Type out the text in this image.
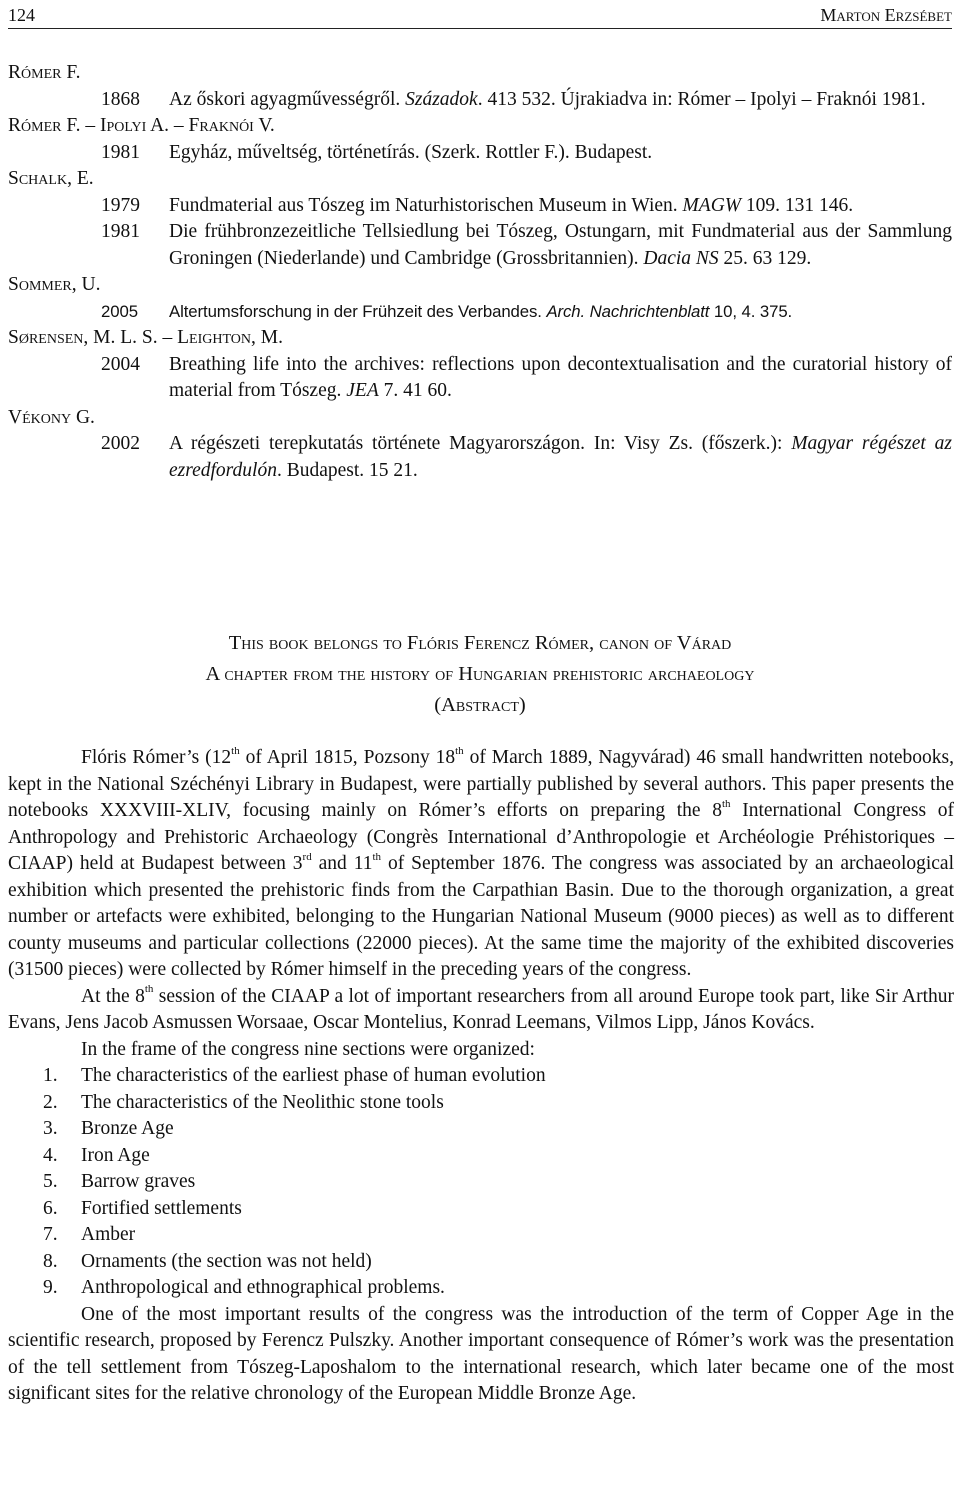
124	Marton Erzsébet
Rómer F.
1868 Az őskori agyagművességről. Századok. 413 532. Újrakiadva in: Rómer – Ipolyi – Fraknói 1981.
Rómer F. – Ipolyi A. – Fraknói V.
1981 Egyház, műveltség, történetírás. (Szerk. Rottler F.). Budapest.
Schalk, E.
1979 Fundmaterial aus Tószeg im Naturhistorischen Museum in Wien. MAGW 109. 131 146.
1981 Die frühbronzezeitliche Tellsiedlung bei Tószeg, Ostungarn, mit Fundmaterial aus der Sammlung Groningen (Niederlande) und Cambridge (Grossbritannien). Dacia NS 25. 63 129.
Sommer, U.
2005 Altertumsforschung in der Frühzeit des Verbandes. Arch. Nachrichtenblatt 10, 4. 375.
Sørensen, M. L. S. – Leighton, M.
2004 Breathing life into the archives: reflections upon decontextualisation and the curatorial history of material from Tószeg. JEA 7. 41 60.
Vékony G.
2002 A régészeti terepkutatás története Magyarországon. In: Visy Zs. (főszerk.): Magyar régészet az ezredfordulón. Budapest. 15 21.
This book belongs to Flóris Ferencz Rómer, canon of Várad
A chapter from the history of Hungarian prehistoric archaeology
(Abstract)

Flóris Rómer’s (12th of April 1815, Pozsony 18th of March 1889, Nagyvárad) 46 small handwritten notebooks, kept in the National Széchényi Library in Budapest, were partially published by several authors. This paper presents the notebooks XXXVIII-XLIV, focusing mainly on Rómer’s efforts on preparing the 8th International Congress of Anthropology and Prehistoric Archaeology (Congrès International d’Anthropologie et Archéologie Préhistoriques – CIAAP) held at Budapest between 3rd and 11th of September 1876. The congress was associated by an archaeological exhibition which presented the prehistoric finds from the Carpathian Basin. Due to the thorough organization, a great number or artefacts were exhibited, belonging to the Hungarian National Museum (9000 pieces) as well as to different county museums and particular collections (22000 pieces). At the same time the majority of the exhibited discoveries (31500 pieces) were collected by Rómer himself in the preceding years of the congress.

At the 8th session of the CIAAP a lot of important researchers from all around Europe took part, like Sir Arthur Evans, Jens Jacob Asmussen Worsaae, Oscar Montelius, Konrad Leemans, Vilmos Lipp, János Kovács.

In the frame of the congress nine sections were organized:

1. The characteristics of the earliest phase of human evolution
2. The characteristics of the Neolithic stone tools
3. Bronze Age
4. Iron Age
5. Barrow graves
6. Fortified settlements
7. Amber
8. Ornaments (the section was not held)
9. Anthropological and ethnographical problems.

One of the most important results of the congress was the introduction of the term of Copper Age in the scientific research, proposed by Ferencz Pulszky. Another important consequence of Rómer’s work was the presentation of the tell settlement from Tószeg-Laposhalom to the international research, which later became one of the most significant sites for the relative chronology of the European Middle Bronze Age.
